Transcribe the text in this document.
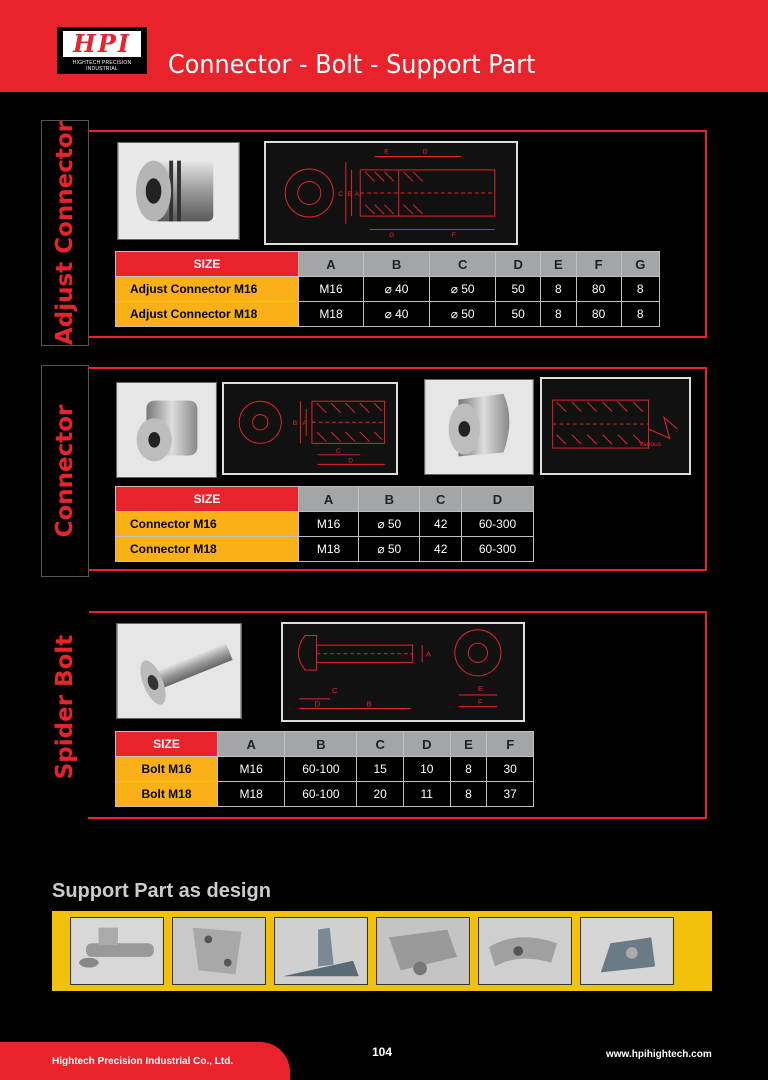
HPI
HIGHTECH PRECISION INDUSTRIAL	Connector - Bolt - Support Part
Adjust Connector	E	D
C B A
G	F
SIZE	A	B	C	D	E	F	G
Adjust Connector M16	M16	⌀ 40	⌀ 50	50	8	80	8
Adjust Connector M18	M18	⌀ 40	⌀ 50	50	8	80	8
Connector	B A
C
D
Various
SIZE	A	B	C	D
Connector M16	M16	⌀ 50	42	60-300
Connector M18	M18	⌀ 50	42	60-300
Spider Bolt	A
C
D	B
E
F
SIZE	A	B	C	D	E	F
Bolt M16	M16	60-100	15	10	8	30
Bolt M18	M18	60-100	20	11	8	37
Support Part as design
Hightech Precision Industrial Co., Ltd.
104	www.hpihightech.com
